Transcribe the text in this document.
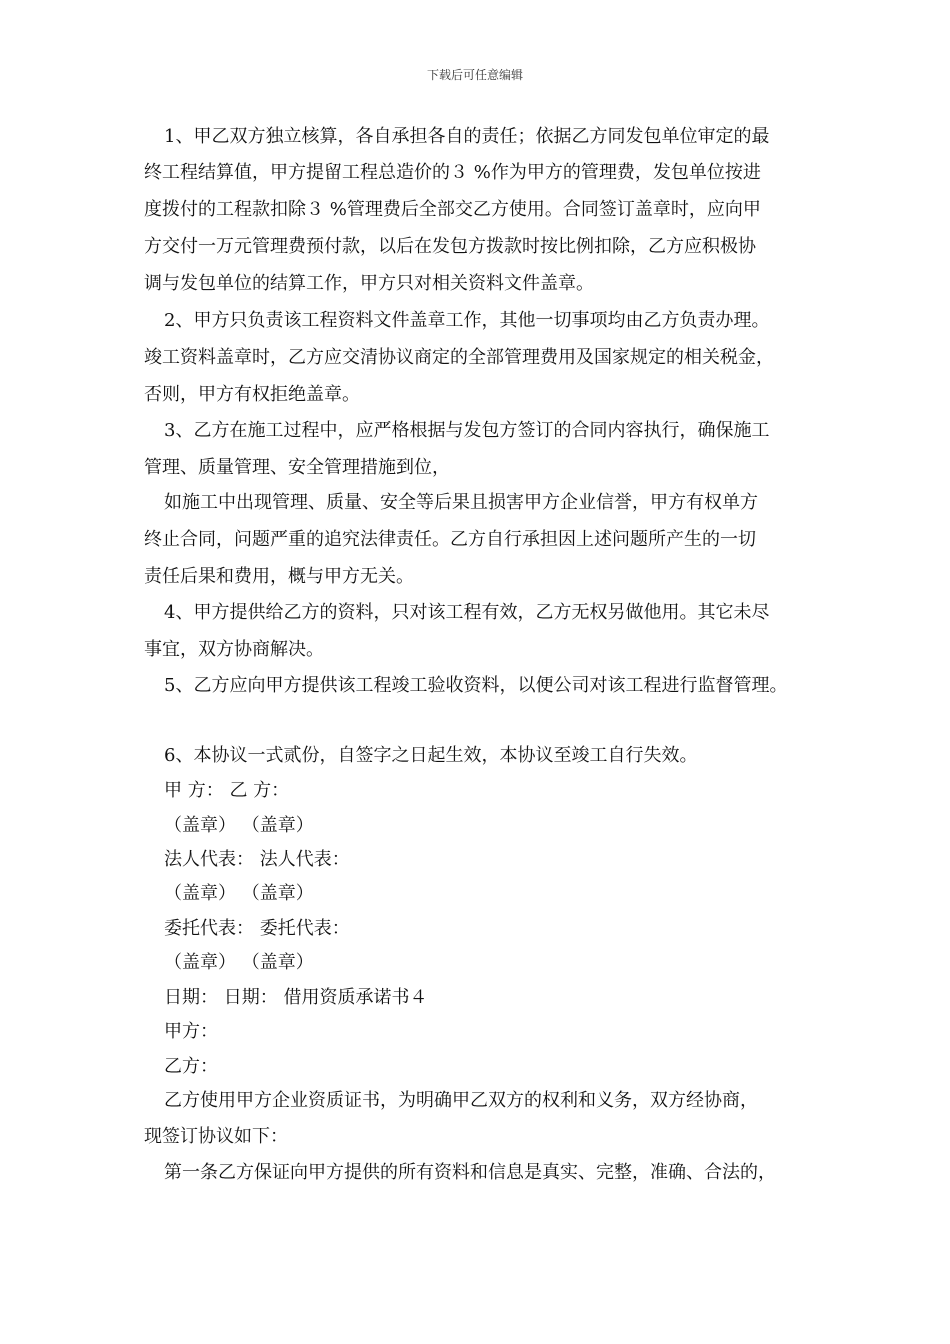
下载后可任意编辑
1、甲乙双方独立核算，各自承担各自的责任；依据乙方同发包单位审定的最
终工程结算值，甲方提留工程总造价的３ %作为甲方的管理费，发包单位按进
度拨付的工程款扣除３ %管理费后全部交乙方使用。合同签订盖章时，应向甲
方交付一万元管理费预付款，以后在发包方拨款时按比例扣除，乙方应积极协
调与发包单位的结算工作，甲方只对相关资料文件盖章。
2、甲方只负责该工程资料文件盖章工作，其他一切事项均由乙方负责办理。
竣工资料盖章时，乙方应交清协议商定的全部管理费用及国家规定的相关税金，
否则，甲方有权拒绝盖章。
3、乙方在施工过程中，应严格根据与发包方签订的合同内容执行，确保施工
管理、质量管理、安全管理措施到位，
如施工中出现管理、质量、安全等后果且损害甲方企业信誉，甲方有权单方
终止合同，问题严重的追究法律责任。乙方自行承担因上述问题所产生的一切
责任后果和费用，概与甲方无关。
4、甲方提供给乙方的资料，只对该工程有效，乙方无权另做他用。其它未尽
事宜，双方协商解决。
5、乙方应向甲方提供该工程竣工验收资料，以便公司对该工程进行监督管理。
6、本协议一式贰份，自签字之日起生效，本协议至竣工自行失效。
甲 方： 乙 方：
（盖章） （盖章）
法人代表： 法人代表：
（盖章） （盖章）
委托代表： 委托代表：
（盖章） （盖章）
日期： 日期： 借用资质承诺书４
甲方：
乙方：
乙方使用甲方企业资质证书，为明确甲乙双方的权利和义务，双方经协商，
现签订协议如下：
第一条乙方保证向甲方提供的所有资料和信息是真实、完整，准确、合法的，
